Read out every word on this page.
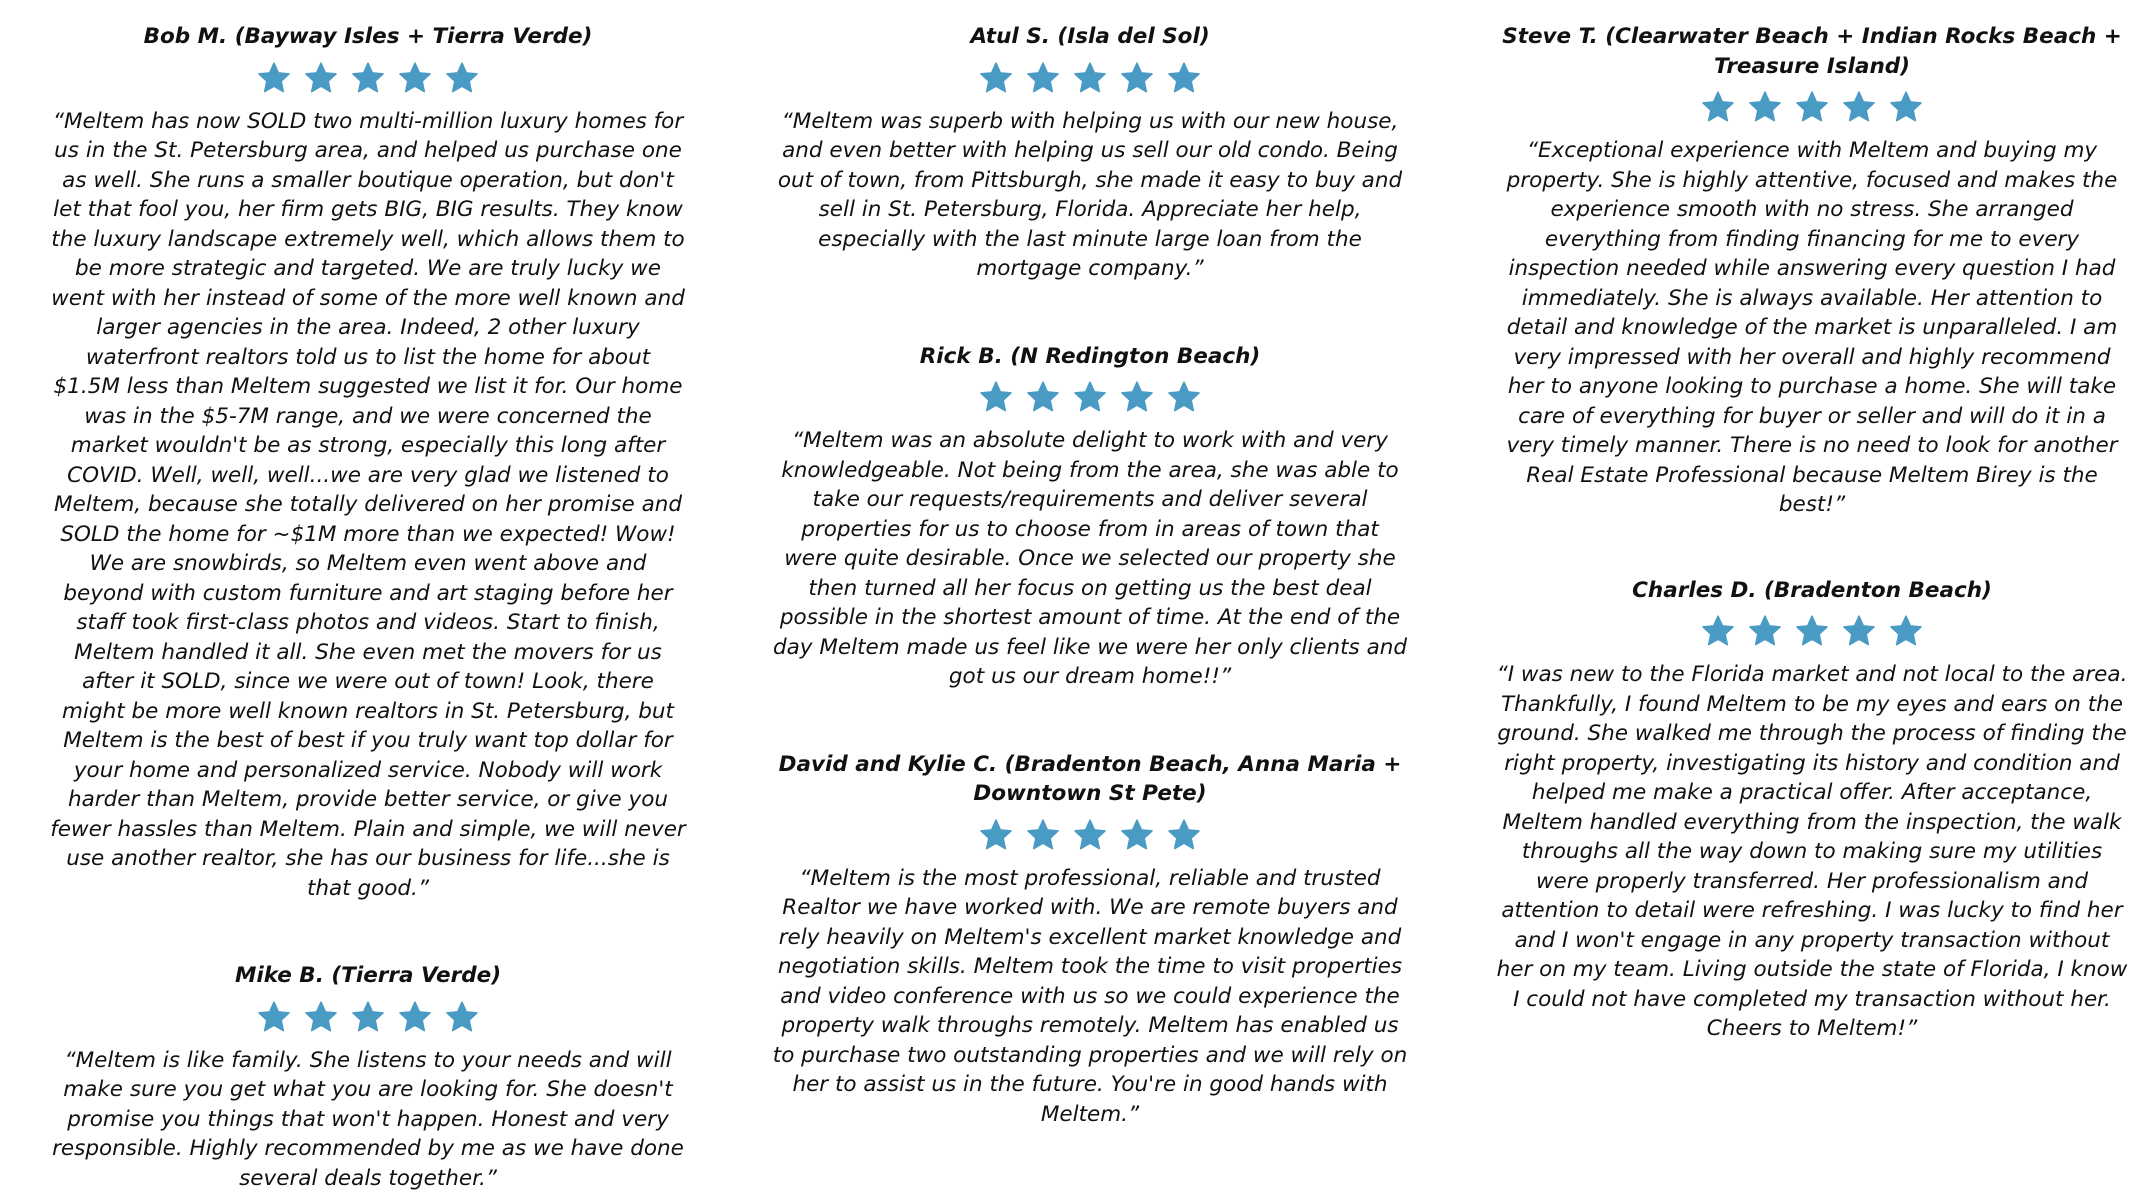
Bob M. (Bayway Isles + Tierra Verde)

“Meltem has now SOLD two multi-million luxury homes for us in the St. Petersburg area, and helped us purchase one as well. She runs a smaller boutique operation, but don't let that fool you, her firm gets BIG, BIG results. They know the luxury landscape extremely well, which allows them to be more strategic and targeted. We are truly lucky we went with her instead of some of the more well known and larger agencies in the area. Indeed, 2 other luxury waterfront realtors told us to list the home for about $1.5M less than Meltem suggested we list it for. Our home was in the $5-7M range, and we were concerned the market wouldn't be as strong, especially this long after COVID. Well, well, well...we are very glad we listened to Meltem, because she totally delivered on her promise and SOLD the home for ~$1M more than we expected! Wow! We are snowbirds, so Meltem even went above and beyond with custom furniture and art staging before her staff took first-class photos and videos. Start to finish, Meltem handled it all. She even met the movers for us after it SOLD, since we were out of town! Look, there might be more well known realtors in St. Petersburg, but Meltem is the best of best if you truly want top dollar for your home and personalized service. Nobody will work harder than Meltem, provide better service, or give you fewer hassles than Meltem. Plain and simple, we will never use another realtor, she has our business for life...she is that good.”

Mike B. (Tierra Verde)

“Meltem is like family. She listens to your needs and will make sure you get what you are looking for. She doesn't promise you things that won't happen. Honest and very responsible. Highly recommended by me as we have done several deals together.”

Atul S. (Isla del Sol)

“Meltem was superb with helping us with our new house, and even better with helping us sell our old condo. Being out of town, from Pittsburgh, she made it easy to buy and sell in St. Petersburg, Florida. Appreciate her help, especially with the last minute large loan from the mortgage company.”

Rick B. (N Redington Beach)

“Meltem was an absolute delight to work with and very knowledgeable. Not being from the area, she was able to take our requests/requirements and deliver several properties for us to choose from in areas of town that were quite desirable. Once we selected our property she then turned all her focus on getting us the best deal possible in the shortest amount of time. At the end of the day Meltem made us feel like we were her only clients and got us our dream home!!”

David and Kylie C. (Bradenton Beach, Anna Maria + Downtown St Pete)

“Meltem is the most professional, reliable and trusted Realtor we have worked with. We are remote buyers and rely heavily on Meltem's excellent market knowledge and negotiation skills. Meltem took the time to visit properties and video conference with us so we could experience the property walk throughs remotely. Meltem has enabled us to purchase two outstanding properties and we will rely on her to assist us in the future. You're in good hands with Meltem.”

Steve T. (Clearwater Beach + Indian Rocks Beach + Treasure Island)

“Exceptional experience with Meltem and buying my property. She is highly attentive, focused and makes the experience smooth with no stress. She arranged everything from finding financing for me to every inspection needed while answering every question I had immediately. She is always available. Her attention to detail and knowledge of the market is unparalleled. I am very impressed with her overall and highly recommend her to anyone looking to purchase a home. She will take care of everything for buyer or seller and will do it in a very timely manner. There is no need to look for another Real Estate Professional because Meltem Birey is the best!”

Charles D. (Bradenton Beach)

“I was new to the Florida market and not local to the area. Thankfully, I found Meltem to be my eyes and ears on the ground. She walked me through the process of finding the right property, investigating its history and condition and helped me make a practical offer. After acceptance, Meltem handled everything from the inspection, the walk throughs all the way down to making sure my utilities were properly transferred. Her professionalism and attention to detail were refreshing. I was lucky to find her and I won't engage in any property transaction without her on my team. Living outside the state of Florida, I know I could not have completed my transaction without her. Cheers to Meltem!”
